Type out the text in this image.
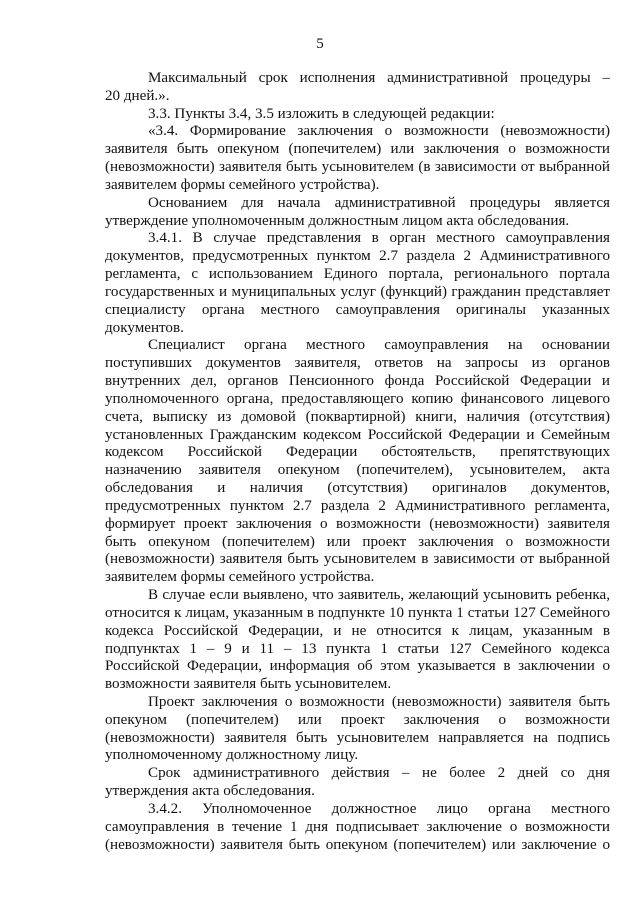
5
Максимальный срок исполнения административной процедуры –
20 дней.».
3.3. Пункты 3.4, 3.5 изложить в следующей редакции:
«3.4. Формирование заключения о возможности (невозможности)
заявителя быть опекуном (попечителем) или заключения о возможности
(невозможности) заявителя быть усыновителем (в зависимости от выбранной
заявителем формы семейного устройства).
Основанием для начала административной процедуры является
утверждение уполномоченным должностным лицом акта обследования.
3.4.1. В случае представления в орган местного самоуправления
документов, предусмотренных пунктом 2.7 раздела 2 Административного
регламента, с использованием Единого портала, регионального портала
государственных и муниципальных услуг (функций) гражданин представляет
специалисту органа местного самоуправления оригиналы указанных
документов.
Специалист органа местного самоуправления на основании
поступивших документов заявителя, ответов на запросы из органов
внутренних дел, органов Пенсионного фонда Российской Федерации и
уполномоченного органа, предоставляющего копию финансового лицевого
счета, выписку из домовой (поквартирной) книги, наличия (отсутствия)
установленных Гражданским кодексом Российской Федерации и Семейным
кодексом Российской Федерации обстоятельств, препятствующих
назначению заявителя опекуном (попечителем), усыновителем, акта
обследования и наличия (отсутствия) оригиналов документов,
предусмотренных пунктом 2.7 раздела 2 Административного регламента,
формирует проект заключения о возможности (невозможности) заявителя
быть опекуном (попечителем) или проект заключения о возможности
(невозможности) заявителя быть усыновителем в зависимости от выбранной
заявителем формы семейного устройства.
В случае если выявлено, что заявитель, желающий усыновить ребенка,
относится к лицам, указанным в подпункте 10 пункта 1 статьи 127 Семейного
кодекса Российской Федерации, и не относится к лицам, указанным в
подпунктах 1 – 9 и 11 – 13 пункта 1 статьи 127 Семейного кодекса
Российской Федерации, информация об этом указывается в заключении о
возможности заявителя быть усыновителем.
Проект заключения о возможности (невозможности) заявителя быть
опекуном (попечителем) или проект заключения о возможности
(невозможности) заявителя быть усыновителем направляется на подпись
уполномоченному должностному лицу.
Срок административного действия – не более 2 дней со дня
утверждения акта обследования.
3.4.2. Уполномоченное должностное лицо органа местного
самоуправления в течение 1 дня подписывает заключение о возможности
(невозможности) заявителя быть опекуном (попечителем) или заключение о
